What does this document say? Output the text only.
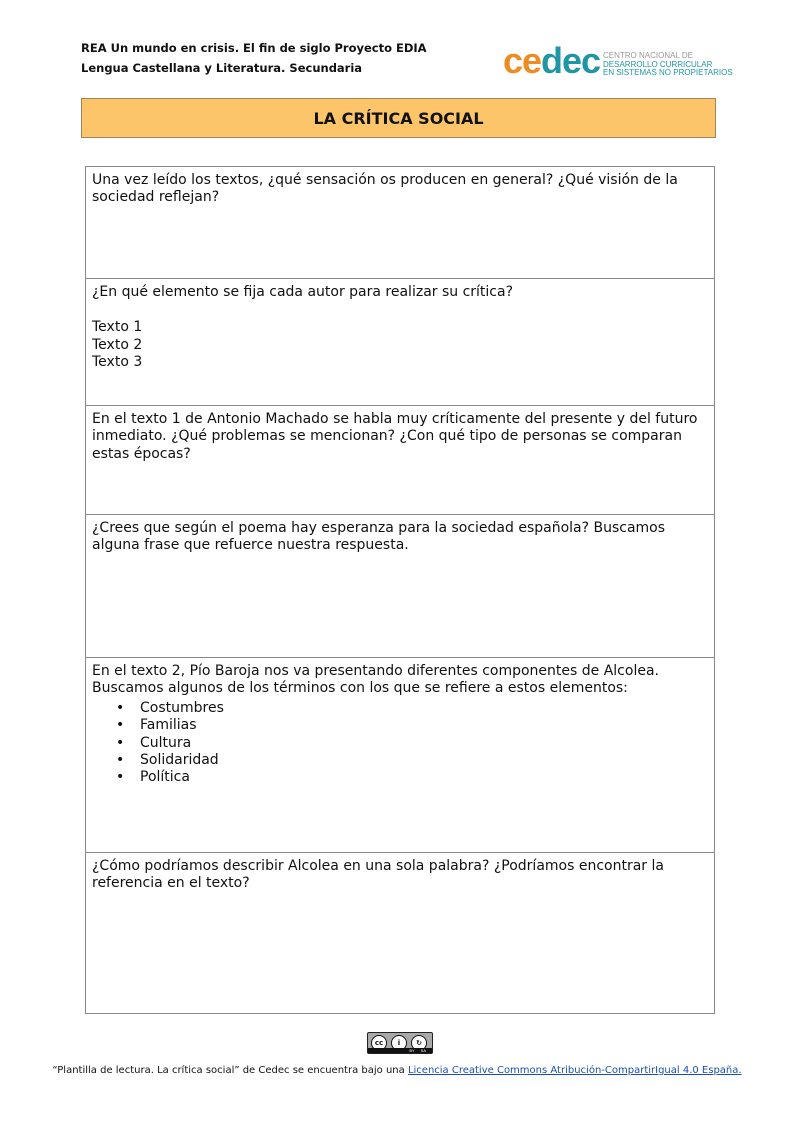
REA Un mundo en crisis. El fin de siglo Proyecto EDIA
Lengua Castellana y Literatura. Secundaria	cedec CENTRO NACIONAL DE
DESARROLLO CURRICULAR
EN SISTEMAS NO PROPIETARIOS
LA CRÍTICA SOCIAL

Una vez leído los textos, ¿qué sensación os producen en general? ¿Qué visión de la sociedad reflejan?

¿En qué elemento se fija cada autor para realizar su crítica?

Texto 1
Texto 2
Texto 3

En el texto 1 de Antonio Machado se habla muy críticamente del presente y del futuro inmediato. ¿Qué problemas se mencionan? ¿Con qué tipo de personas se comparan estas épocas?

¿Crees que según el poema hay esperanza para la sociedad española? Buscamos alguna frase que refuerce nuestra respuesta.

En el texto 2, Pío Baroja nos va presentando diferentes componentes de Alcolea. Buscamos algunos de los términos con los que se refiere a estos elementos:

• Costumbres
• Familias
• Cultura
• Solidaridad
• Política

¿Cómo podríamos describir Alcolea en una sola palabra? ¿Podríamos encontrar la referencia en el texto?

cc	i	↻
BY SA
“Plantilla de lectura. La crítica social” de Cedec se encuentra bajo una Licencia Creative Commons Atribución-CompartirIgual 4.0 España.
